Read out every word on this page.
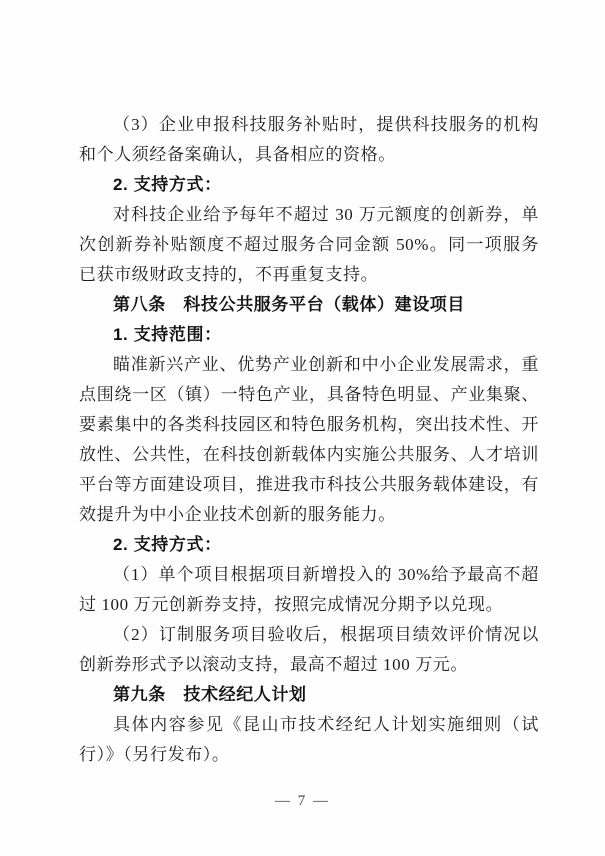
（3）企业申报科技服务补贴时，提供科技服务的机构和个人须经备案确认，具备相应的资格。

2. 支持方式：

对科技企业给予每年不超过 30 万元额度的创新券，单次创新券补贴额度不超过服务合同金额 50%。同一项服务已获市级财政支持的，不再重复支持。

第八条　科技公共服务平台（载体）建设项目

1. 支持范围：

瞄准新兴产业、优势产业创新和中小企业发展需求，重点围绕一区（镇）一特色产业，具备特色明显、产业集聚、要素集中的各类科技园区和特色服务机构，突出技术性、开放性、公共性，在科技创新载体内实施公共服务、人才培训平台等方面建设项目，推进我市科技公共服务载体建设，有效提升为中小企业技术创新的服务能力。

2. 支持方式：

（1）单个项目根据项目新增投入的 30%给予最高不超过 100 万元创新券支持，按照完成情况分期予以兑现。

（2）订制服务项目验收后，根据项目绩效评价情况以创新券形式予以滚动支持，最高不超过 100 万元。

第九条　技术经纪人计划

具体内容参见《昆山市技术经纪人计划实施细则（试行）》（另行发布）。

— 7 —
